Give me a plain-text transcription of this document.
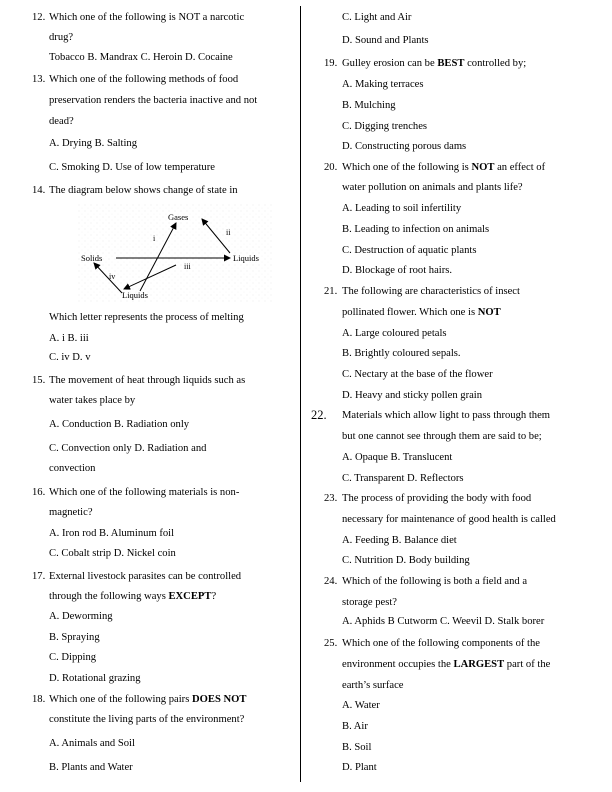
12. Which one of the following is NOT a narcotic
drug?
Tobacco B. Mandrax C. Heroin D. Cocaine
13. Which one of the following methods of food
preservation renders the bacteria inactive and not
dead?
A. Drying B. Salting
C. Smoking D. Use of low temperature
14. The diagram below shows change of state in
Which letter represents the process of melting
A. i B. iii
C. iv D. v
15. The movement of heat through liquids such as
water takes place by
A. Conduction B. Radiation only
C. Convection only D. Radiation and
convection
16. Which one of the following materials is non-
magnetic?
A. Iron rod B. Aluminum foil
C. Cobalt strip D. Nickel coin
17. External livestock parasites can be controlled
through the following ways EXCEPT?
A. Deworming
B. Spraying
C. Dipping
D. Rotational grazing
18. Which one of the following pairs DOES NOT
constitute the living parts of the environment?
A. Animals and Soil
B. Plants and Water
C. Light and Air
D. Sound and Plants
19. Gulley erosion can be BEST controlled by;
A. Making terraces
B. Mulching
C. Digging trenches
D. Constructing porous dams
20. Which one of the following is NOT an effect of
water pollution on animals and plants life?
A. Leading to soil infertility
B. Leading to infection on animals
C. Destruction of aquatic plants
D. Blockage of root hairs.
21. The following are characteristics of insect
pollinated flower. Which one is NOT
A. Large coloured petals
B. Brightly coloured sepals.
C. Nectary at the base of the flower
D. Heavy and sticky pollen grain
22. Materials which allow light to pass through them
but one cannot see through them are said to be;
A. Opaque B. Translucent
C. Transparent D. Reflectors
23. The process of providing the body with food
necessary for maintenance of good health is called
A. Feeding B. Balance diet
C. Nutrition D. Body building
24. Which of the following is both a field and a
storage pest?
A. Aphids B Cutworm C. Weevil D. Stalk borer
25. Which one of the following components of the
environment occupies the LARGEST part of the
earth’s surface
A. Water
B. Air
B. Soil
D. Plant
Gases
Solids	Liquids
Liquids
i
ii
iii
iv
